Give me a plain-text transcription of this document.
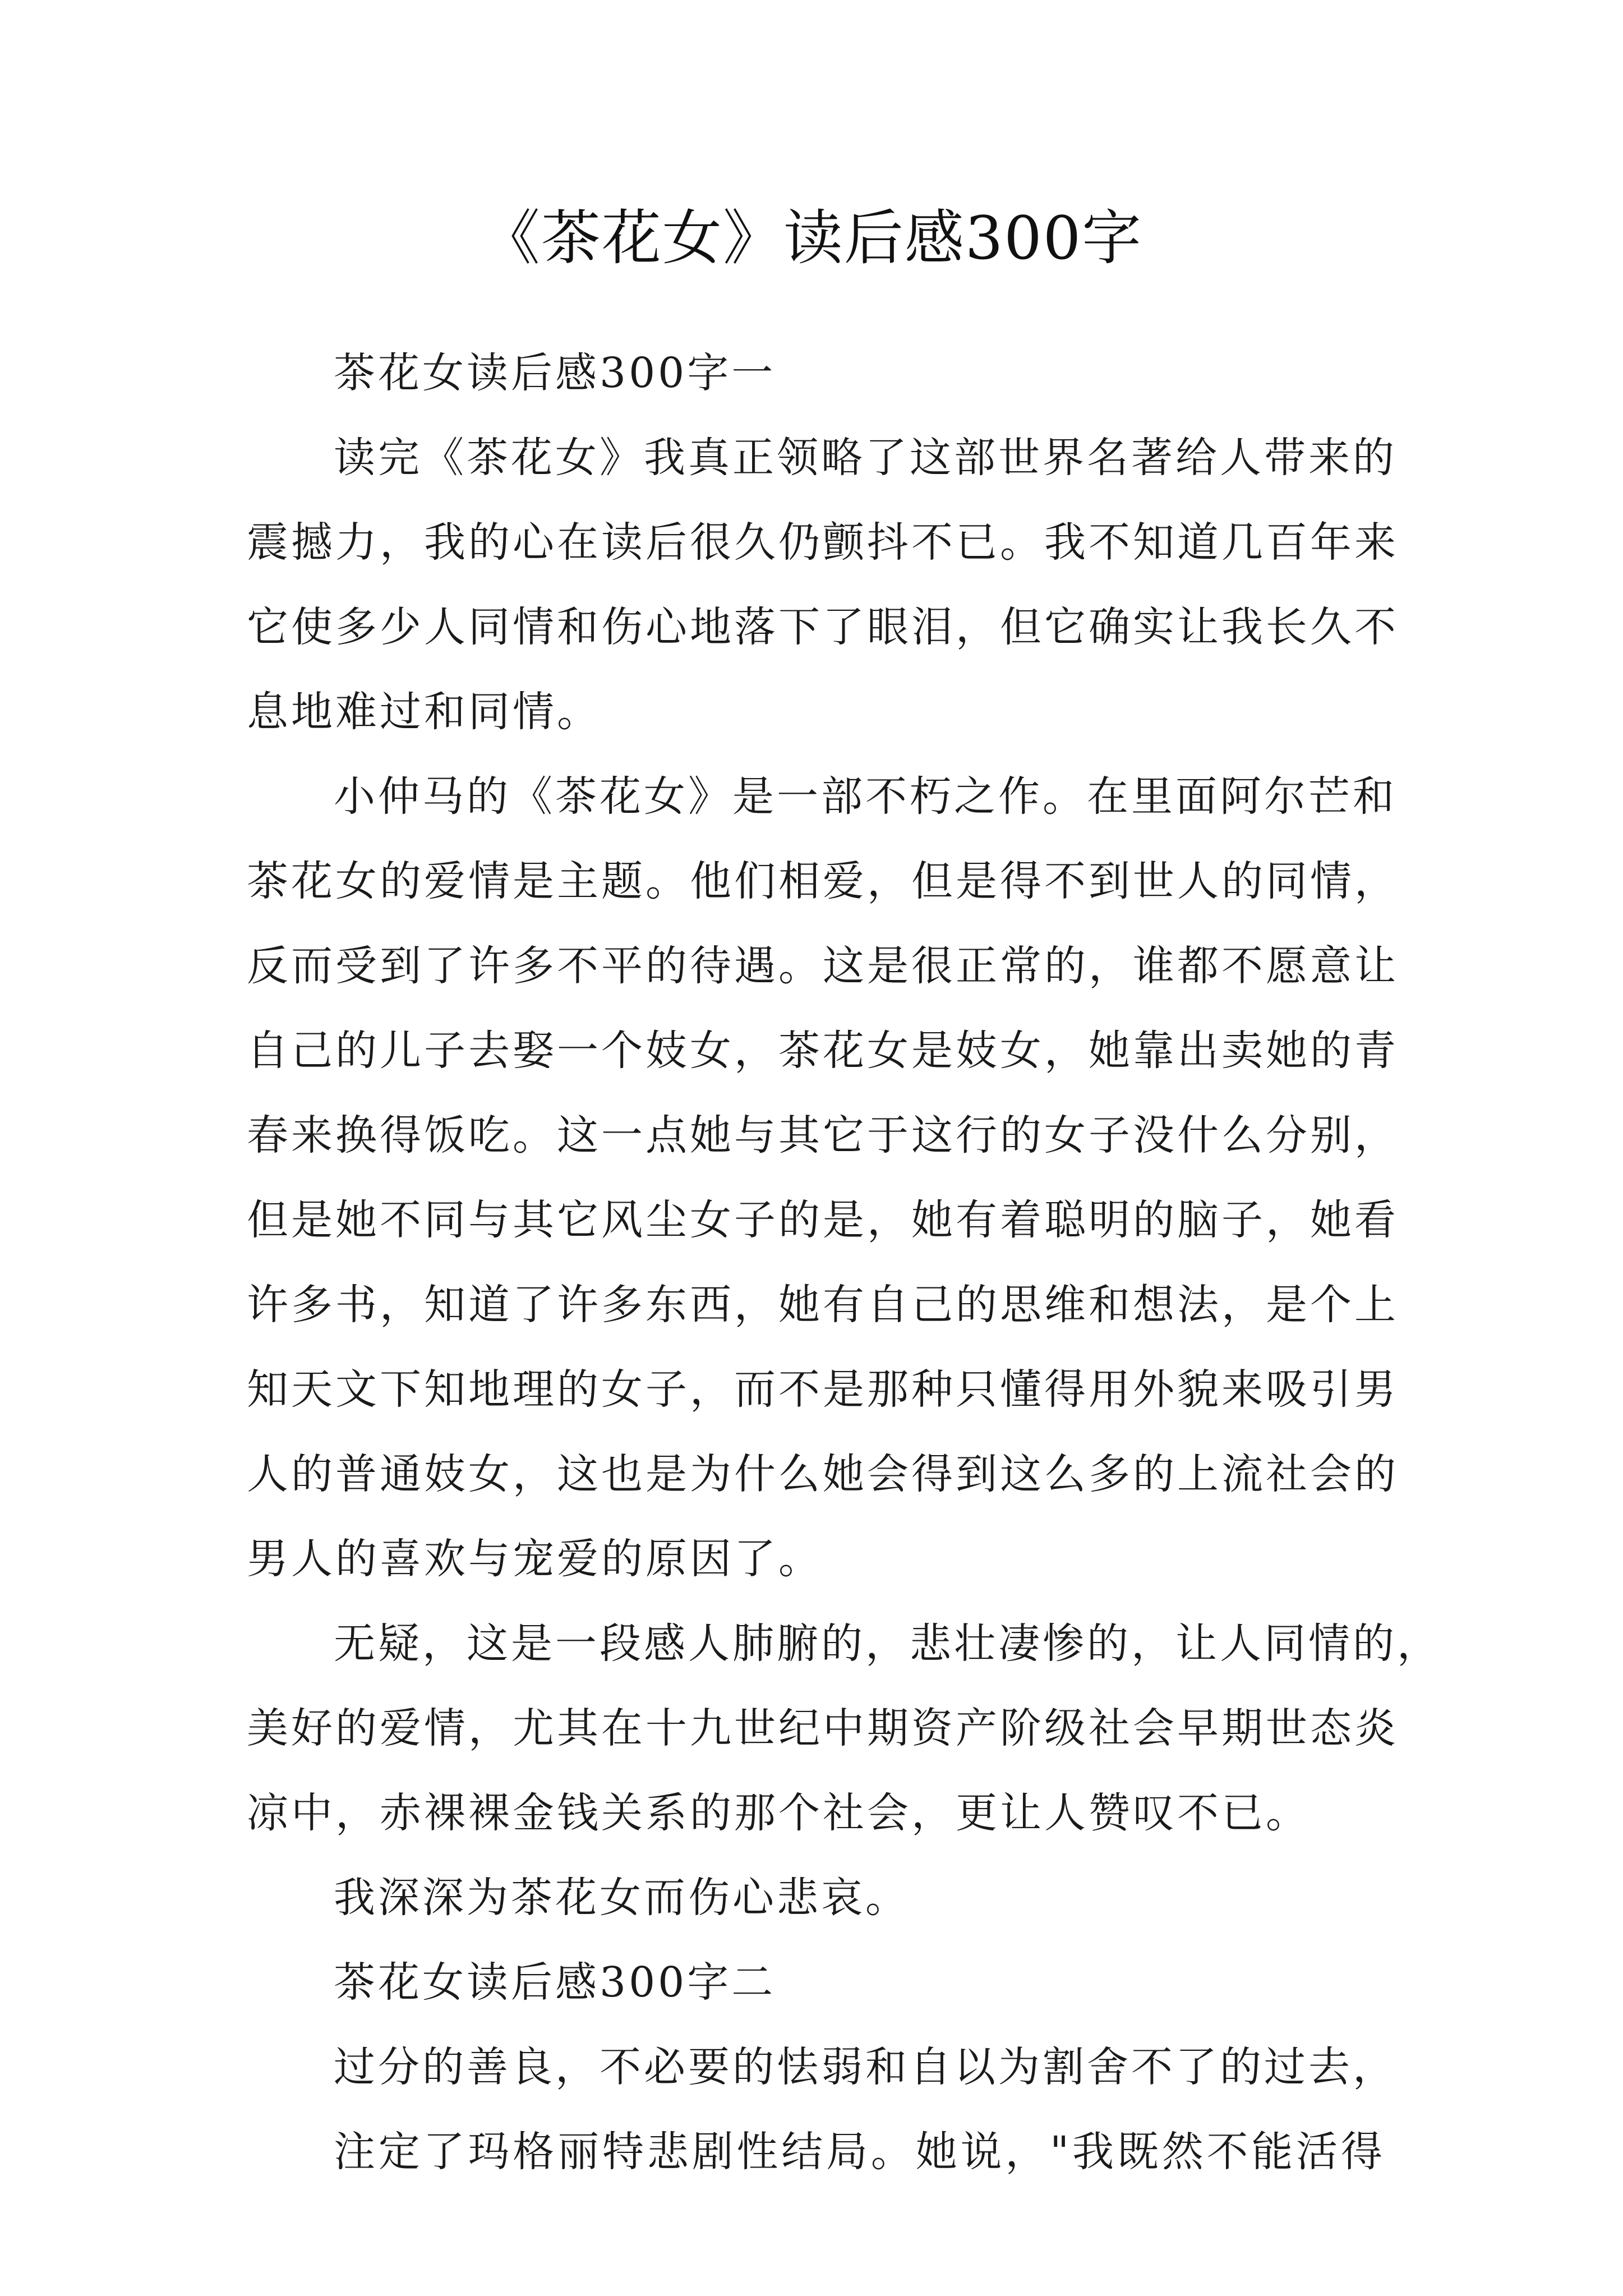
《茶花女》读后感300字
茶花女读后感300字一
读完《茶花女》我真正领略了这部世界名著给人带来的
震撼力，我的心在读后很久仍颤抖不已。我不知道几百年来
它使多少人同情和伤心地落下了眼泪，但它确实让我长久不
息地难过和同情。
小仲马的《茶花女》是一部不朽之作。在里面阿尔芒和
茶花女的爱情是主题。他们相爱，但是得不到世人的同情，
反而受到了许多不平的待遇。这是很正常的，谁都不愿意让
自己的儿子去娶一个妓女，茶花女是妓女，她靠出卖她的青
春来换得饭吃。这一点她与其它于这行的女子没什么分别，
但是她不同与其它风尘女子的是，她有着聪明的脑子，她看
许多书，知道了许多东西，她有自己的思维和想法，是个上
知天文下知地理的女子，而不是那种只懂得用外貌来吸引男
人的普通妓女，这也是为什么她会得到这么多的上流社会的
男人的喜欢与宠爱的原因了。
无疑，这是一段感人肺腑的，悲壮凄惨的，让人同情的，
美好的爱情，尤其在十九世纪中期资产阶级社会早期世态炎
凉中，赤裸裸金钱关系的那个社会，更让人赞叹不已。
我深深为茶花女而伤心悲哀。
茶花女读后感300字二
过分的善良，不必要的怯弱和自以为割舍不了的过去，
注定了玛格丽特悲剧性结局。她说，"我既然不能活得
